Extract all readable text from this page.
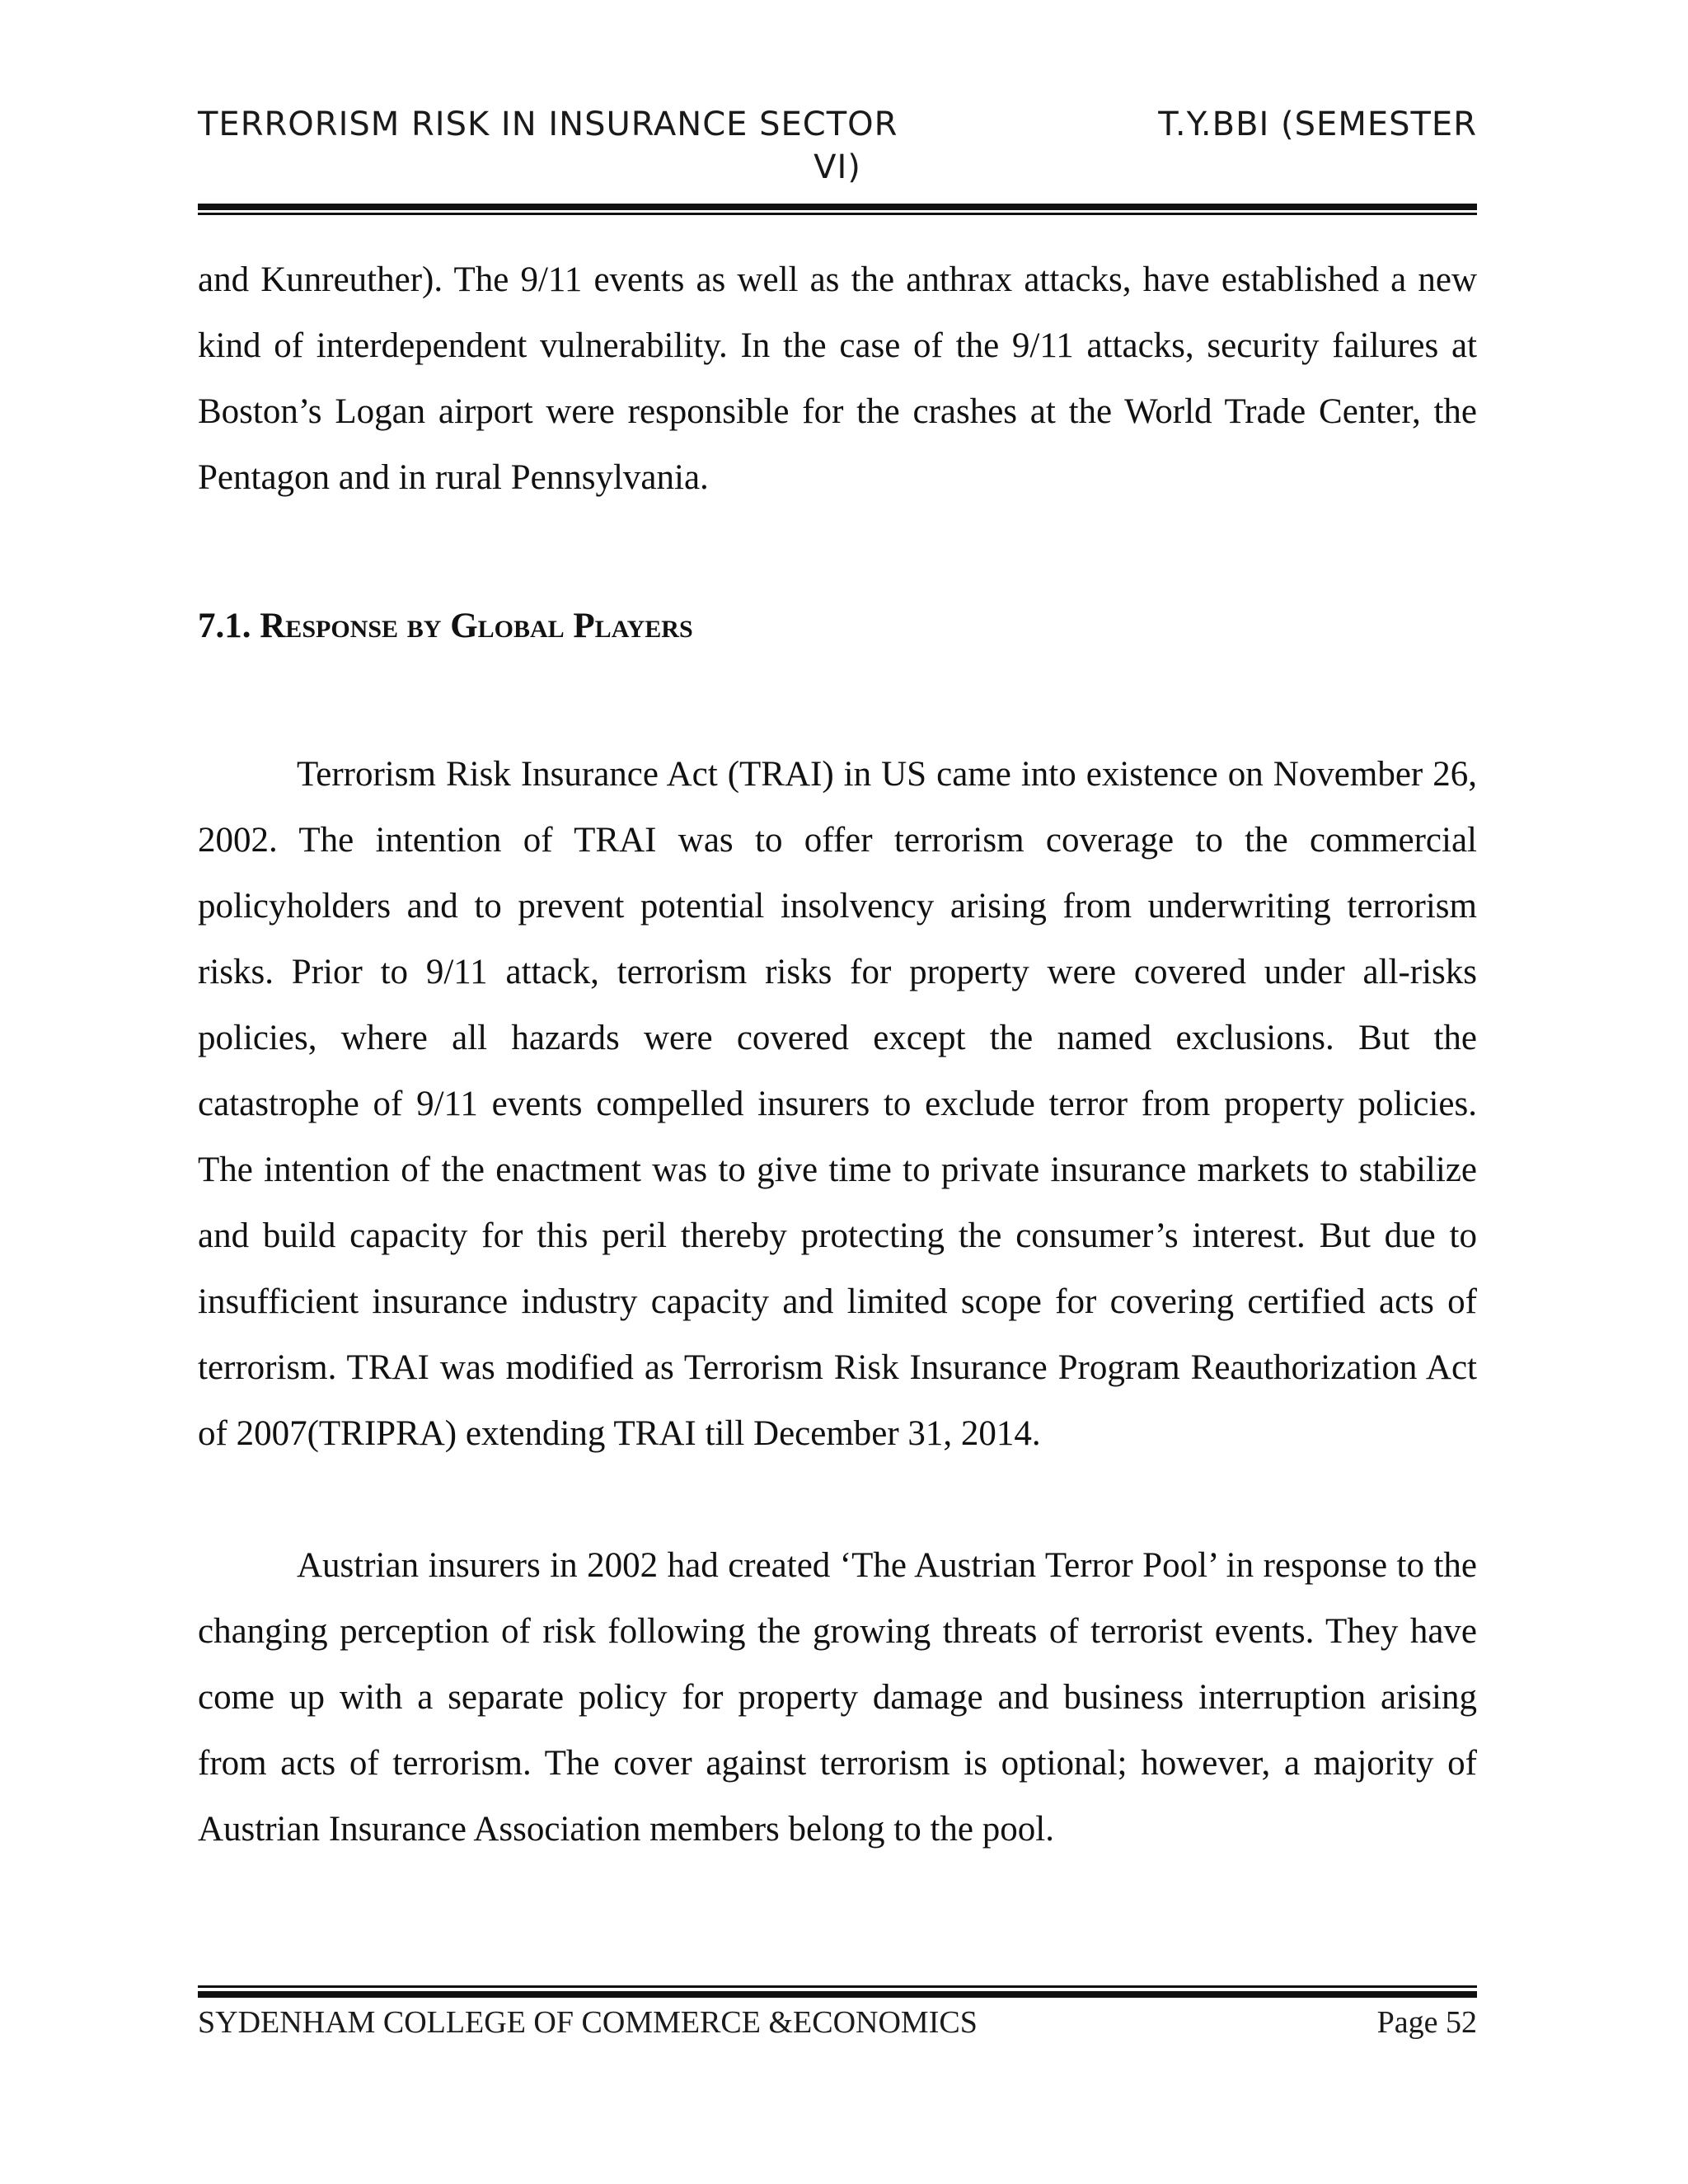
TERRORISM RISK IN INSURANCE SECTOR	T.Y.BBI (SEMESTER
VI)

and Kunreuther). The 9/11 events as well as the anthrax attacks, have established a new kind of interdependent vulnerability. In the case of the 9/11 attacks, security failures at Boston’s Logan airport were responsible for the crashes at the World Trade Center, the Pentagon and in rural Pennsylvania.

7.1. Response by Global Players

Terrorism Risk Insurance Act (TRAI) in US came into existence on November 26, 2002. The intention of TRAI was to offer terrorism coverage to the commercial policyholders and to prevent potential insolvency arising from underwriting terrorism risks. Prior to 9/11 attack, terrorism risks for property were covered under all-risks policies, where all hazards were covered except the named exclusions. But the catastrophe of 9/11 events compelled insurers to exclude terror from property policies. The intention of the enactment was to give time to private insurance markets to stabilize and build capacity for this peril thereby protecting the consumer’s interest. But due to insufficient insurance industry capacity and limited scope for covering certified acts of terrorism. TRAI was modified as Terrorism Risk Insurance Program Reauthorization Act of 2007(TRIPRA) extending TRAI till December 31, 2014.

Austrian insurers in 2002 had created ‘The Austrian Terror Pool’ in response to the changing perception of risk following the growing threats of terrorist events. They have come up with a separate policy for property damage and business interruption arising from acts of terrorism. The cover against terrorism is optional; however, a majority of Austrian Insurance Association members belong to the pool.

SYDENHAM COLLEGE OF COMMERCE &ECONOMICS	Page 52
